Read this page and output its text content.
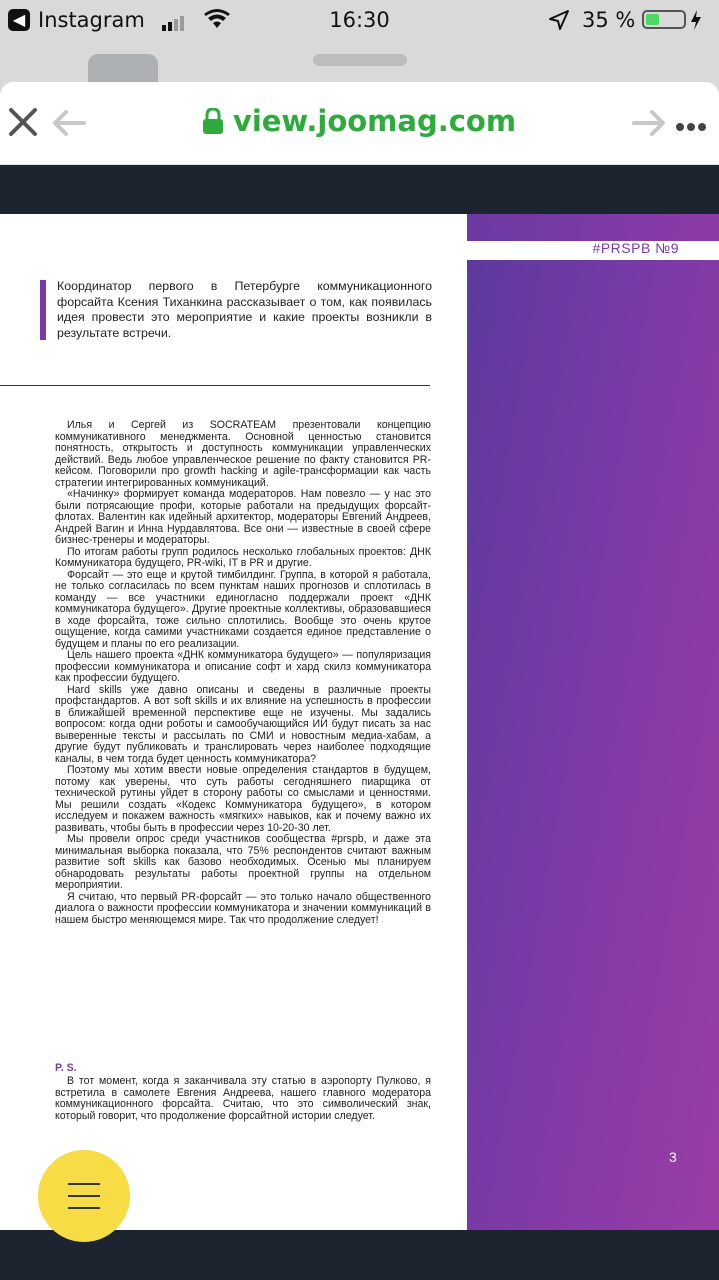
◀ Instagram	16:30	35 %
view.joomag.com
Координатор первого в Петербурге коммуникационного форсайта Ксения Тиханкина рассказывает о том, как появилась идея провести это мероприятие и какие проекты возникли в результате встречи.

Илья и Сергей из SOCRATEAM презентовали концепцию коммуникативного менеджмента. Основной ценностью становится понятность, открытость и доступность коммуникации управленческих действий. Ведь любое управленческое решение по факту становится PR-кейсом. Поговорили про growth hacking и agile-трансформации как часть стратегии интегрированных коммуникаций.

«Начинку» формирует команда модераторов. Нам повезло — у нас это были потрясающие профи, которые работали на предыдущих форсайт-флотах. Валентин как идейный архитектор, модераторы Евгений Андреев, Андрей Вагин и Инна Нурдавлятова. Все они — известные в своей сфере бизнес-тренеры и модераторы.

По итогам работы групп родилось несколько глобальных проектов: ДНК Коммуникатора будущего, PR-wiki, IT в PR и другие.

Форсайт — это еще и крутой тимбилдинг. Группа, в которой я работала, не только согласилась по всем пунктам наших прогнозов и сплотилась в команду — все участники единогласно поддержали проект «ДНК коммуникатора будущего». Другие проектные коллективы, образовавшиеся в ходе форсайта, тоже сильно сплотились. Вообще это очень крутое ощущение, когда самими участниками создается единое представление о будущем и планы по его реализации.

Цель нашего проекта «ДНК коммуникатора будущего» — популяризация профессии коммуникатора и описание софт и хард скилз коммуникатора как профессии будущего.

Hard skills уже давно описаны и сведены в различные проекты профстандартов. А вот soft skills и их влияние на успешность в профессии в ближайшей временной перспективе еще не изучены. Мы задались вопросом: когда одни роботы и самообучающийся ИИ будут писать за нас выверенные тексты и рассылать по СМИ и новостным медиа-хабам, а другие будут публиковать и транслировать через наиболее подходящие каналы, в чем тогда будет ценность коммуникатора?

Поэтому мы хотим ввести новые определения стандартов в будущем, потому как уверены, что суть работы сегодняшнего пиарщика от технической рутины уйдет в сторону работы со смыслами и ценностями. Мы решили создать «Кодекс Коммуникатора будущего», в котором исследуем и покажем важность «мягких» навыков, как и почему важно их развивать, чтобы быть в профессии через 10-20-30 лет.

Мы провели опрос среди участников сообщества #prspb, и даже эта минимальная выборка показала, что 75% респондентов считают важным развитие soft skills как базово необходимых. Осенью мы планируем обнародовать результаты работы проектной группы на отдельном мероприятии.

Я считаю, что первый PR-форсайт — это только начало общественного диалога о важности профессии коммуникатора и значении коммуникаций в нашем быстро меняющемся мире. Так что продолжение следует!

P. S.

В тот момент, когда я заканчивала эту статью в аэропорту Пулково, я встретила в самолете Евгения Андреева, нашего главного модератора коммуникационного форсайта. Считаю, что это символический знак, который говорит, что продолжение форсайтной истории следует.

#PRSPB №9
3
